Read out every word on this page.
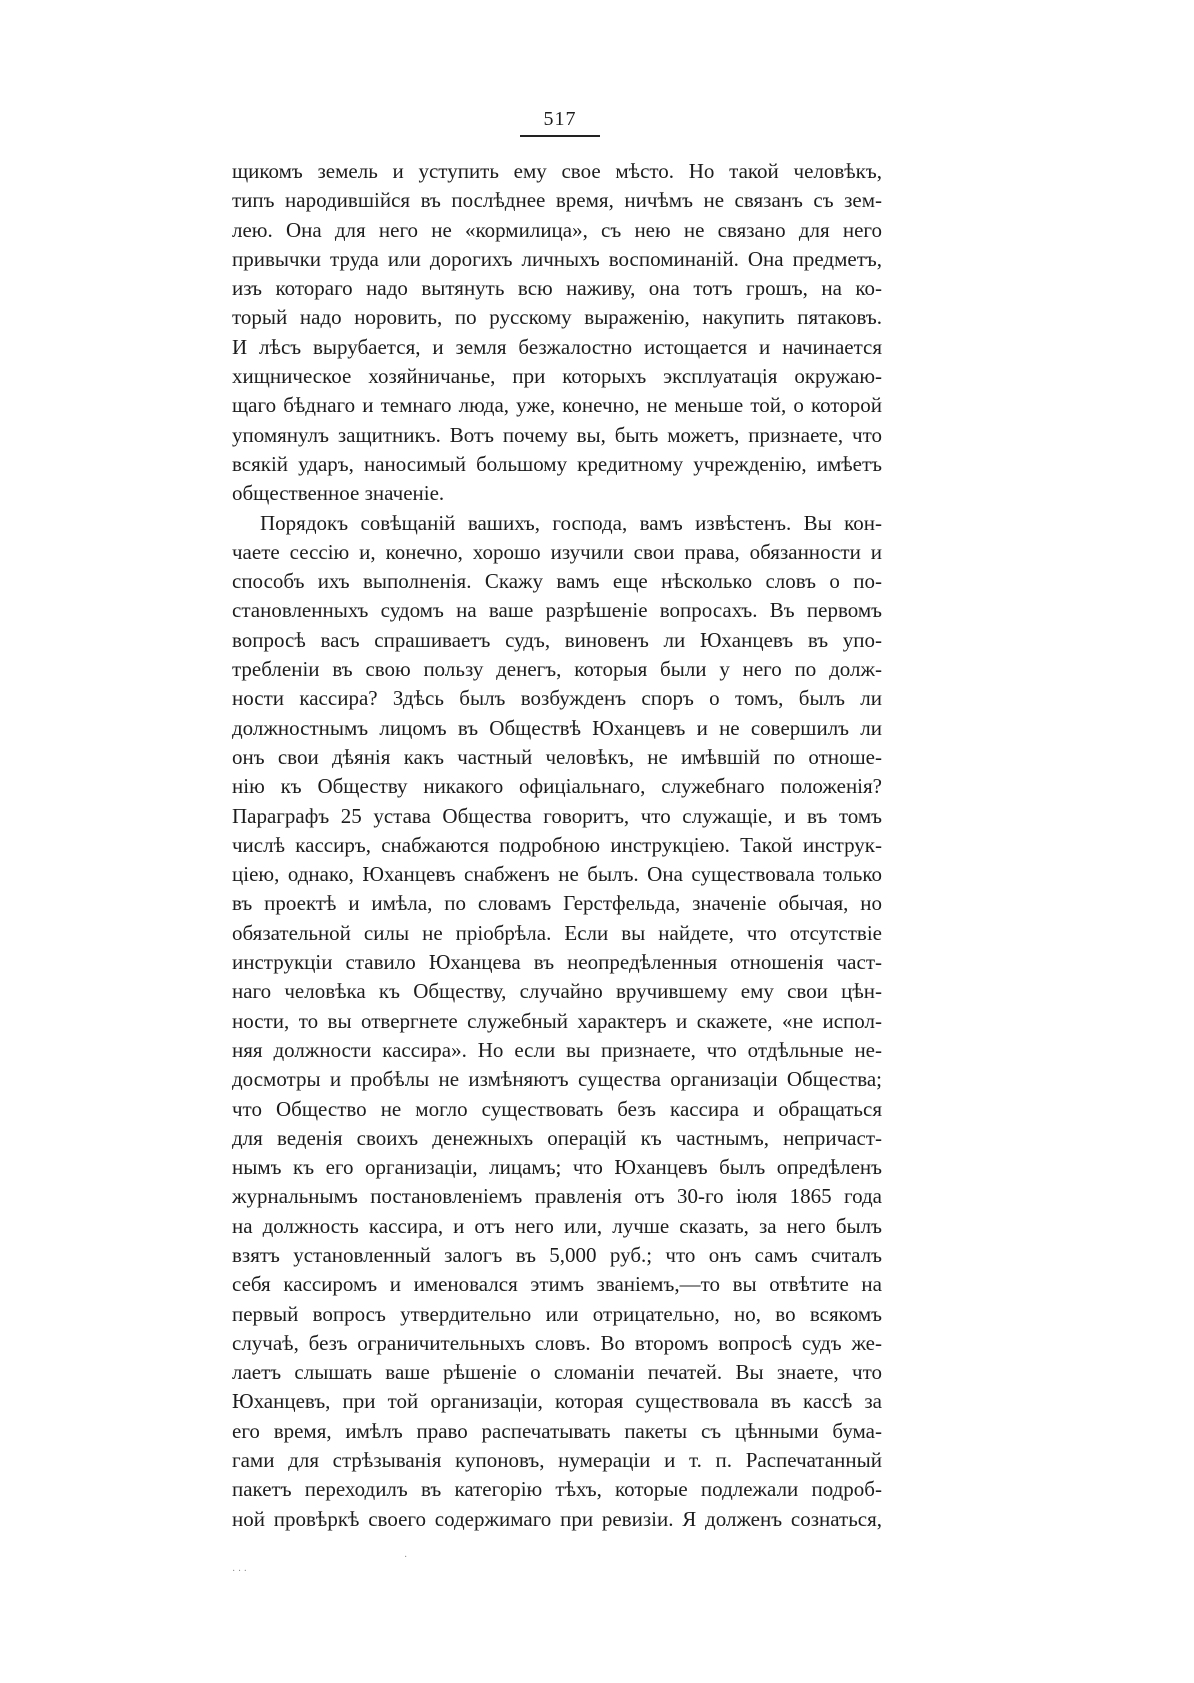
517
щикомъ земель и уступить ему свое мѣсто. Но такой человѣкъ,
типъ народившійся въ послѣднее время, ничѣмъ не связанъ съ зем-
лею. Она для него не «кормилица», съ нею не связано для него
привычки труда или дорогихъ личныхъ воспоминаній. Она предметъ,
изъ котораго надо вытянуть всю наживу, она тотъ грошъ, на ко-
торый надо норовить, по русскому выраженію, накупить пятаковъ.
И лѣсъ вырубается, и земля безжалостно истощается и начинается
хищническое хозяйничанье, при которыхъ эксплуатація окружаю-
щаго бѣднаго и темнаго люда, уже, конечно, не меньше той, о которой
упомянулъ защитникъ. Вотъ почему вы, быть можетъ, признаете, что
всякій ударъ, наносимый большому кредитному учрежденію, имѣетъ
общественное значеніе.
Порядокъ совѣщаній вашихъ, господа, вамъ извѣстенъ. Вы кон-
чаете сессію и, конечно, хорошо изучили свои права, обязанности и
способъ ихъ выполненія. Скажу вамъ еще нѣсколько словъ о по-
становленныхъ судомъ на ваше разрѣшеніе вопросахъ. Въ первомъ
вопросѣ васъ спрашиваетъ судъ, виновенъ ли Юханцевъ въ упо-
требленіи въ свою пользу денегъ, которыя были у него по долж-
ности кассира? Здѣсь былъ возбужденъ споръ о томъ, былъ ли
должностнымъ лицомъ въ Обществѣ Юханцевъ и не совершилъ ли
онъ свои дѣянія какъ частный человѣкъ, не имѣвшій по отноше-
нію къ Обществу никакого офиціальнаго, служебнаго положенія?
Параграфъ 25 устава Общества говоритъ, что служащіе, и въ томъ
числѣ кассиръ, снабжаются подробною инструкціею. Такой инструк-
ціею, однако, Юханцевъ снабженъ не былъ. Она существовала только
въ проектѣ и имѣла, по словамъ Герстфельда, значеніе обычая, но
обязательной силы не пріобрѣла. Если вы найдете, что отсутствіе
инструкціи ставило Юханцева въ неопредѣленныя отношенія част-
наго человѣка къ Обществу, случайно вручившему ему свои цѣн-
ности, то вы отвергнете служебный характеръ и скажете, «не испол-
няя должности кассира». Но если вы признаете, что отдѣльные не-
досмотры и пробѣлы не измѣняютъ существа организаціи Общества;
что Общество не могло существовать безъ кассира и обращаться
для веденія своихъ денежныхъ операцій къ частнымъ, непричаст-
нымъ къ его организаціи, лицамъ; что Юханцевъ былъ опредѣленъ
журнальнымъ постановленіемъ правленія отъ 30-го іюля 1865 года
на должность кассира, и отъ него или, лучше сказать, за него былъ
взятъ установленный залогъ въ 5,000 руб.; что онъ самъ считалъ
себя кассиромъ и именовался этимъ званіемъ,—то вы отвѣтите на
первый вопросъ утвердительно или отрицательно, но, во всякомъ
случаѣ, безъ ограничительныхъ словъ. Во второмъ вопросѣ судъ же-
лаетъ слышать ваше рѣшеніе о сломаніи печатей. Вы знаете, что
Юханцевъ, при той организаціи, которая существовала въ кассѣ за
его время, имѣлъ право распечатывать пакеты съ цѣнными бума-
гами для стрѣзыванія купоновъ, нумераціи и т. п. Распечатанный
пакетъ переходилъ въ категорію тѣхъ, которые подлежали подроб-
ной провѣркѣ своего содержимаго при ревизіи. Я долженъ сознаться,
· · ·
·
